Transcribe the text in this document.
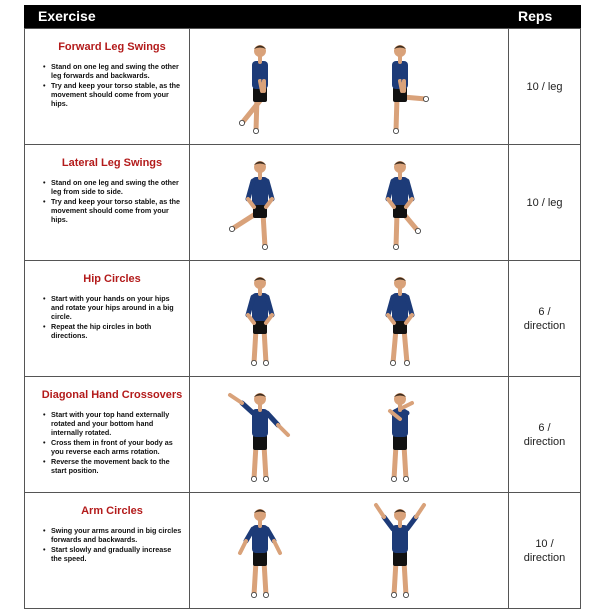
Exercise	Reps
Forward Leg Swings
• Stand on one leg and swing the other leg forwards and backwards.
• Try and keep your torso stable, as the movement should come from your hips.
10 / leg
Lateral Leg Swings
• Stand on one leg and swing the other leg from side to side.
• Try and keep your torso stable, as the movement should come from your hips.
10 / leg
Hip Circles
• Start with your hands on your hips and rotate your hips around in a big circle.
• Repeat the hip circles in both directions.
6 /
direction
Diagonal Hand Crossovers
• Start with your top hand externally rotated and your bottom hand internally rotated.
• Cross them in front of your body as you reverse each arms rotation.
• Reverse the movement back to the start position.
6 /
direction
Arm Circles
• Swing your arms around in big circles forwards and backwards.
• Start slowly and gradually increase the speed.
10 /
direction
